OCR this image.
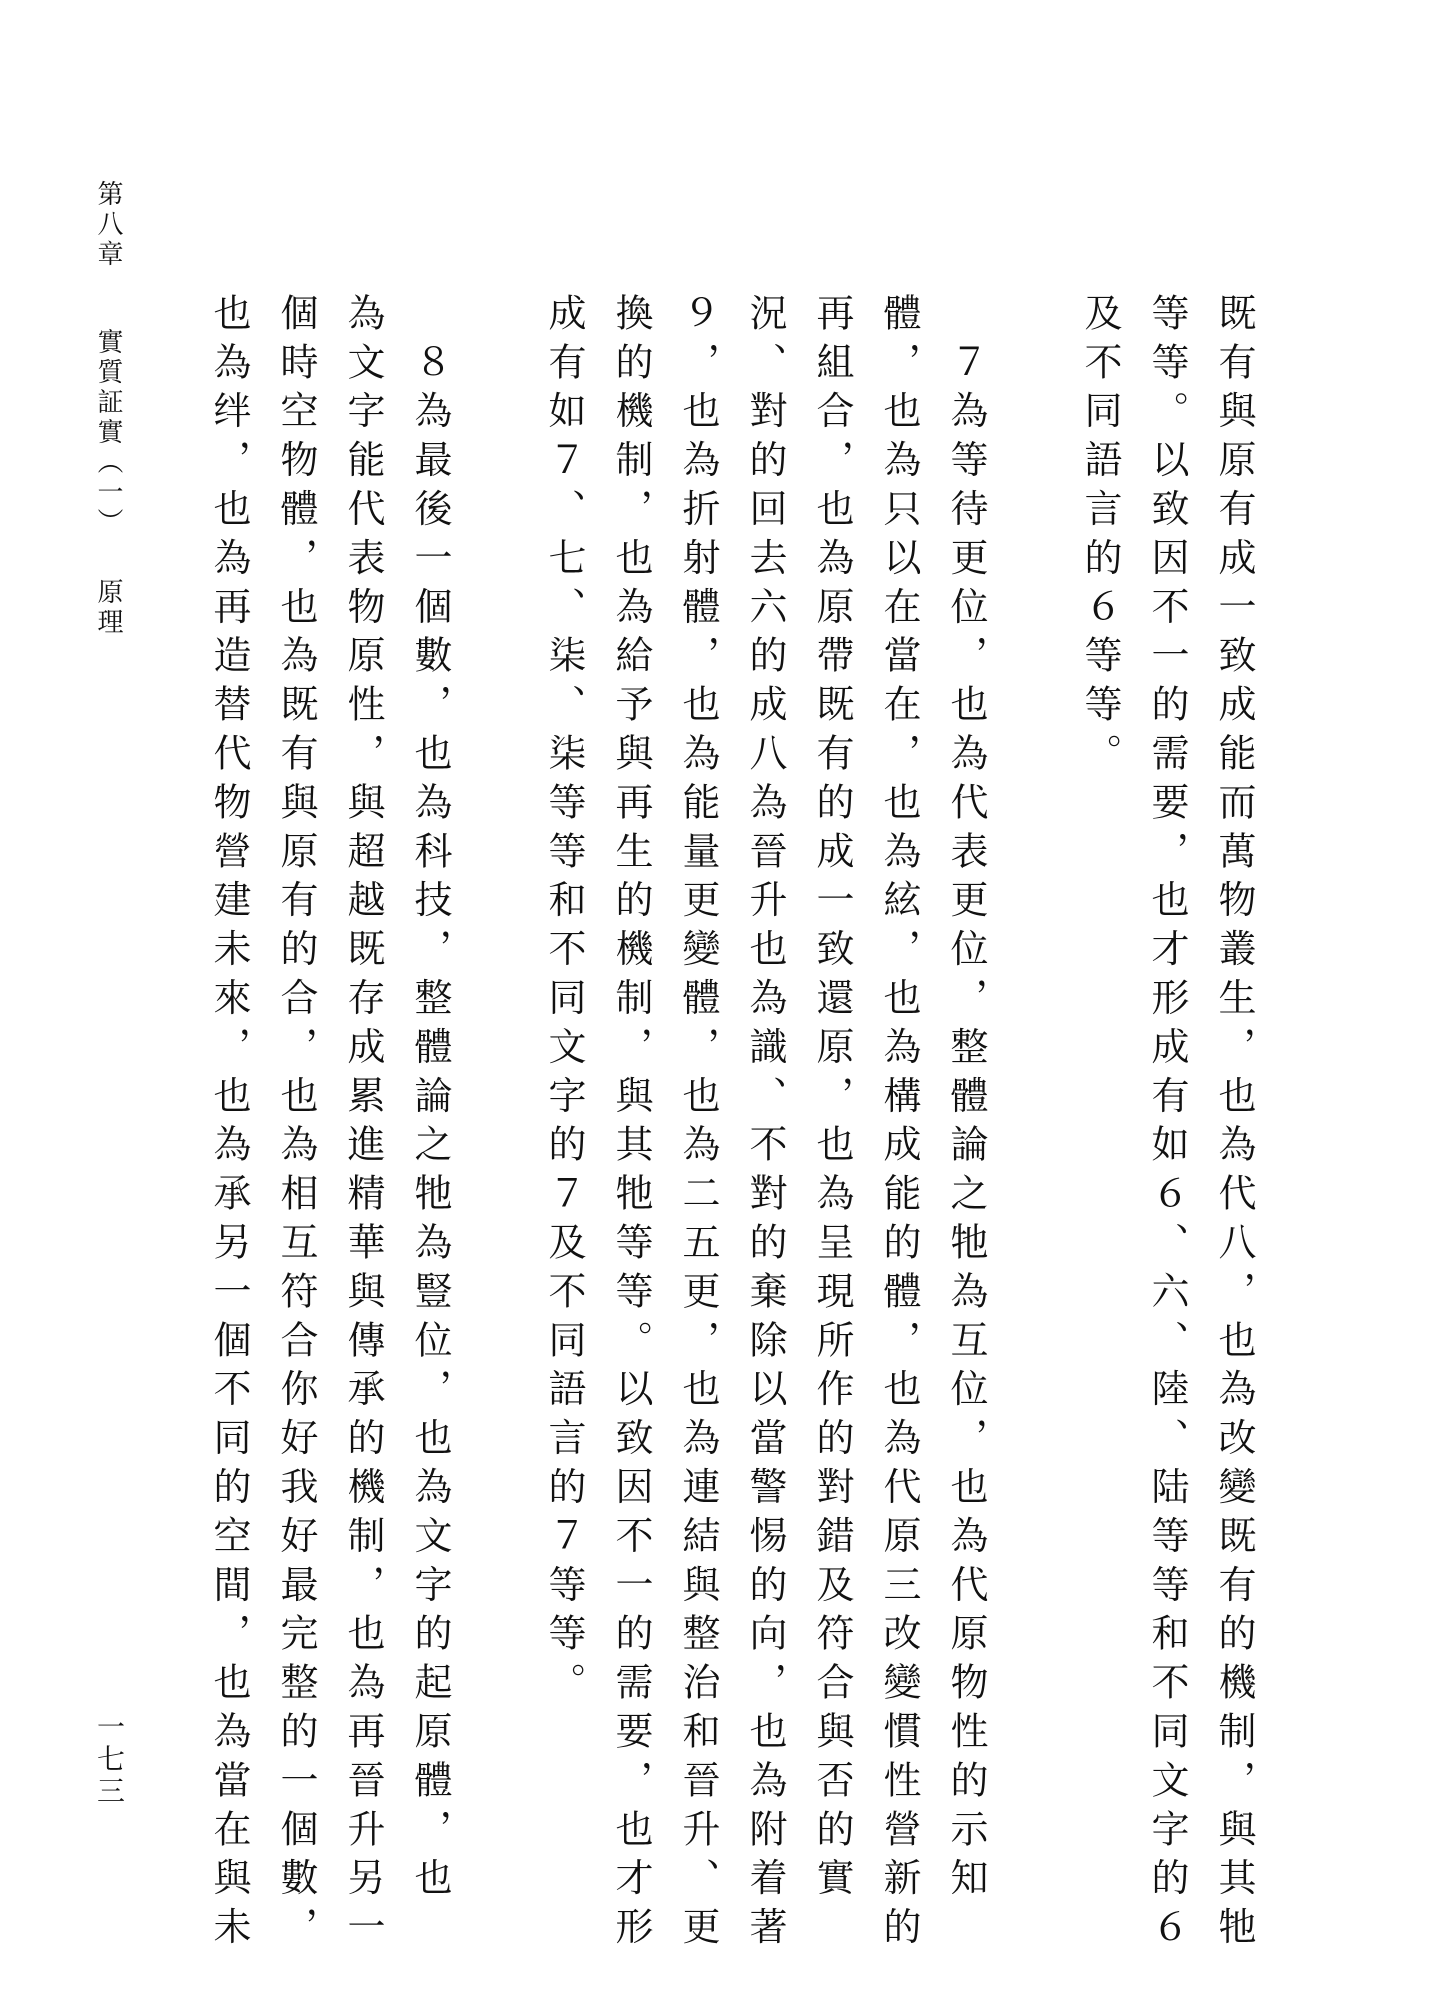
既有與原有成一致成能而萬物叢生，也為代八，也為改變既有的機制，與其牠
等等。以致因不一的需要，也才形成有如６、六、陸、陆等等和不同文字的６
及不同語言的６等等。
　７為等待更位，也為代表更位，整體論之牠為互位，也為代原物性的示知
體，也為只以在當在，也為絃，也為構成能的體，也為代原三改變慣性營新的
再組合，也為原帶既有的成一致還原，也為呈現所作的對錯及符合與否的實
況、對的回去六的成八為晉升也為識、不對的棄除以當警惕的向，也為附着著
９，也為折射體，也為能量更變體，也為二五更，也為連結與整治和晉升、更
換的機制，也為給予與再生的機制，與其牠等等。以致因不一的需要，也才形
成有如７、七、柒、柒等等和不同文字的７及不同語言的７等等。
　８為最後一個數，也為科技，整體論之牠為豎位，也為文字的起原體，也
為文字能代表物原性，與超越既存成累進精華與傳承的機制，也為再晉升另一
個時空物體，也為既有與原有的合，也為相互符合你好我好最完整的一個數，
也為绊，也為再造替代物營建未來，也為承另一個不同的空間，也為當在與未
第八章
實質証實（一）
原理
一七三
